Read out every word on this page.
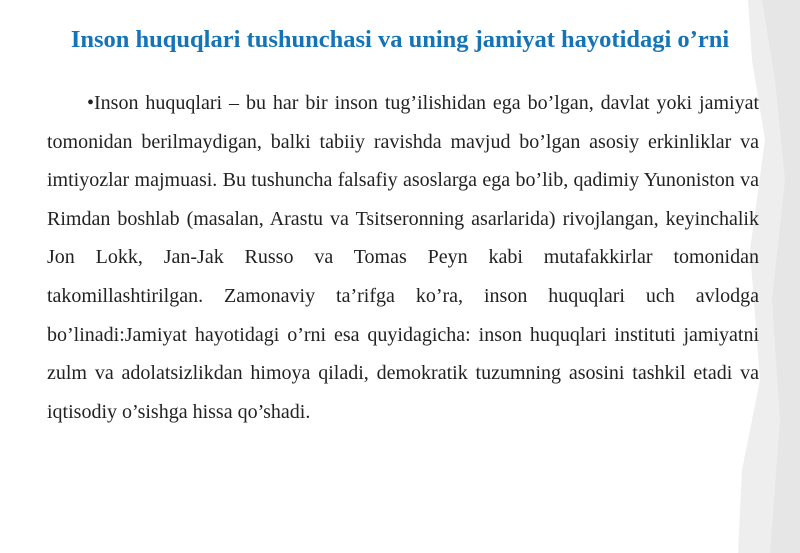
Inson huquqlari tushunchasi va uning jamiyat hayotidagi o’rni

•Inson huquqlari – bu har bir inson tug’ilishidan ega bo’lgan, davlat yoki jamiyat tomonidan berilmaydigan, balki tabiiy ravishda mavjud bo’lgan asosiy erkinliklar va imtiyozlar majmuasi. Bu tushuncha falsafiy asoslarga ega bo’lib, qadimiy Yunoniston va Rimdan boshlab (masalan, Arastu va Tsitseronning asarlarida) rivojlangan, keyinchalik Jon Lokk, Jan-Jak Russo va Tomas Peyn kabi mutafakkirlar tomonidan takomillashtirilgan. Zamonaviy ta’rifga ko’ra, inson huquqlari uch avlodga bo’linadi:Jamiyat hayotidagi o’rni esa quyidagicha: inson huquqlari instituti jamiyatni zulm va adolatsizlikdan himoya qiladi, demokratik tuzumning asosini tashkil etadi va iqtisodiy o’sishga hissa qo’shadi.
